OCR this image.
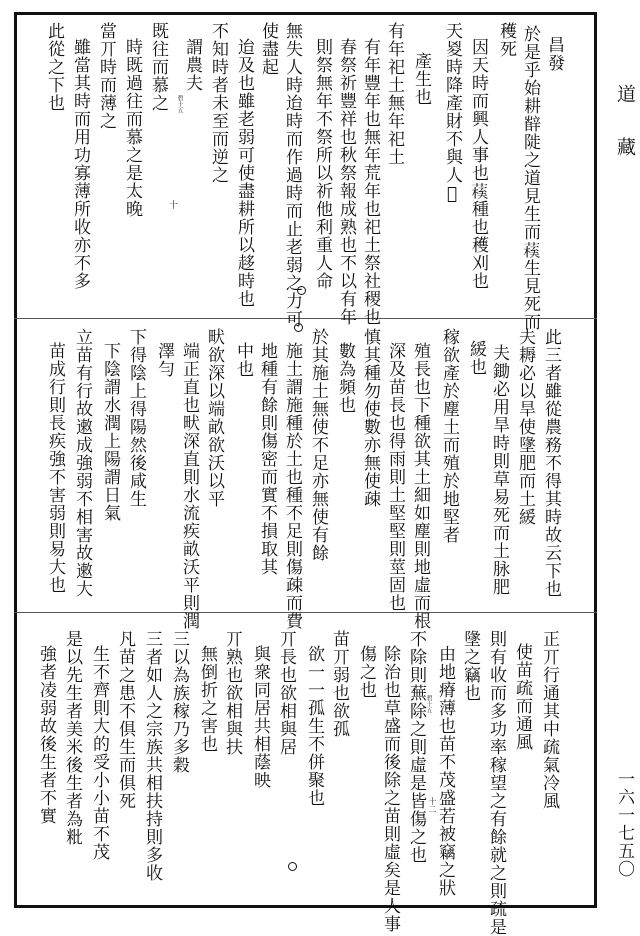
昌發
於是乎始耕辥𨺗之道見生而𦺀生見死而
穫死
因天時而興人事也𦺀種也穫刈也
天㚇時降產財不與人𬲦
產生也
有年祀土無年祀土
有年豐年也無年荒年也祀土祭社稷也
春祭祈豐祥也秋祭報成熟也不以有年
則祭無年不祭所以祈他利重人命
無失人時迨時而作過時而止老弱之力可
使盡起
迨及也雖老弱可使盡耕所以趍時也
不知時者未至而逆之
謂農夫
既往而慕之
時既過往而慕之是太晚
當丌時而薄之
雖當其時而用功寡薄所收亦不多
此從之下也	碧十五
十
此三者雖從農務不得其時故云下也
夫耨必以旱使墬肥而土緩
夫鋤必用旱時則草易死而土脉肥
緩也
稼欲產於塵土而殖於地堅者
殖長也下種欲其土細如塵則地虛而根
深及苗長也得雨則土堅堅則莖固也
慎其種勿使數亦無使疎
數為頻也
於其施土無使不足亦無使有餘
施土謂施種於土也種不足則傷疎而費
地種有餘則傷密而實不損取其
中也
畎欲深以端畝欲沃以平
端正直也畎深直則水流疾畝沃平則潤
澤勻
下得陰上得陽然後咸生
下陰謂水潤上陽謂日氣
立苗有行故遫成強弱不相害故遫大
苗成行則長疾強不害弱則易大也
正丌行通其中疏氣冷風
使苗疏而通風
則有收而多功率稼望之有餘就之則疏是
墬之竊也
由地瘠薄也苗不茂盛若被竊之狀
不除則蕪除之則虛是皆傷之也
除治也草盛而後除之苗則虛矣是人事
傷之也
苗丌弱也欲孤
欲一一孤生不併聚也
丌長也欲相與居
與衆同居共相蔭映
丌熟也欲相與扶
無倒折之害也
三以為族稼乃多穀
三者如人之宗族共相扶持則多收
凡苗之患不俱生而俱死
生不齊則大的受小小苗不茂
是以先生者美米後生者為粃
強者凌弱故後生者不實	碧十五
十二
道藏
一六一七五〇
